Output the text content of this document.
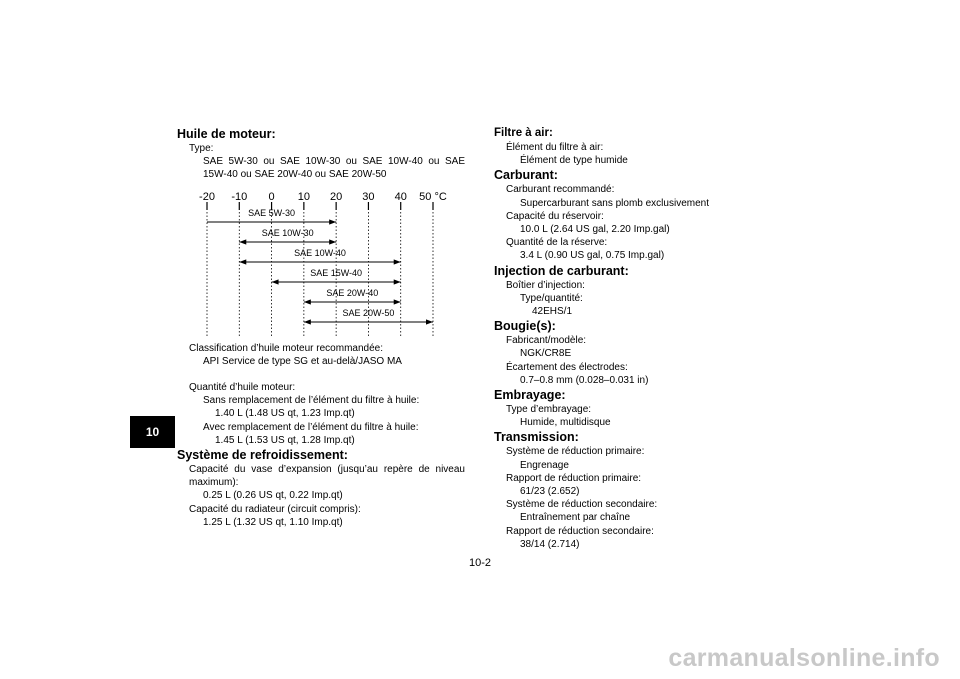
10
Huile de moteur:
Type:
SAE 5W-30 ou SAE 10W-30 ou SAE 10W-40 ou SAE 15W-40 ou SAE 20W-40 ou SAE 20W-50
-20 -10 0 10 20 30 40 50 °C
SAE 5W-30
SAE 10W-30
SAE 10W-40
SAE 15W-40
SAE 20W-40
SAE 20W-50
Classification d’huile moteur recommandée:
API Service de type SG et au-delà/JASO MA
Quantité d’huile moteur:
Sans remplacement de l’élément du filtre à huile:
1.40 L (1.48 US qt, 1.23 Imp.qt)
Avec remplacement de l’élément du filtre à huile:
1.45 L (1.53 US qt, 1.28 Imp.qt)
Système de refroidissement:
Capacité du vase d’expansion (jusqu’au repère de niveau maximum):
0.25 L (0.26 US qt, 0.22 Imp.qt)
Capacité du radiateur (circuit compris):
1.25 L (1.32 US qt, 1.10 Imp.qt)
Filtre à air:
Élément du filtre à air:
Élément de type humide
Carburant:
Carburant recommandé:
Supercarburant sans plomb exclusivement
Capacité du réservoir:
10.0 L (2.64 US gal, 2.20 Imp.gal)
Quantité de la réserve:
3.4 L (0.90 US gal, 0.75 Imp.gal)
Injection de carburant:
Boîtier d’injection:
Type/quantité:
42EHS/1
Bougie(s):
Fabricant/modèle:
NGK/CR8E
Écartement des électrodes:
0.7–0.8 mm (0.028–0.031 in)
Embrayage:
Type d’embrayage:
Humide, multidisque
Transmission:
Système de réduction primaire:
Engrenage
Rapport de réduction primaire:
61/23 (2.652)
Système de réduction secondaire:
Entraînement par chaîne
Rapport de réduction secondaire:
38/14 (2.714)
10-2
carmanualsonline.info
